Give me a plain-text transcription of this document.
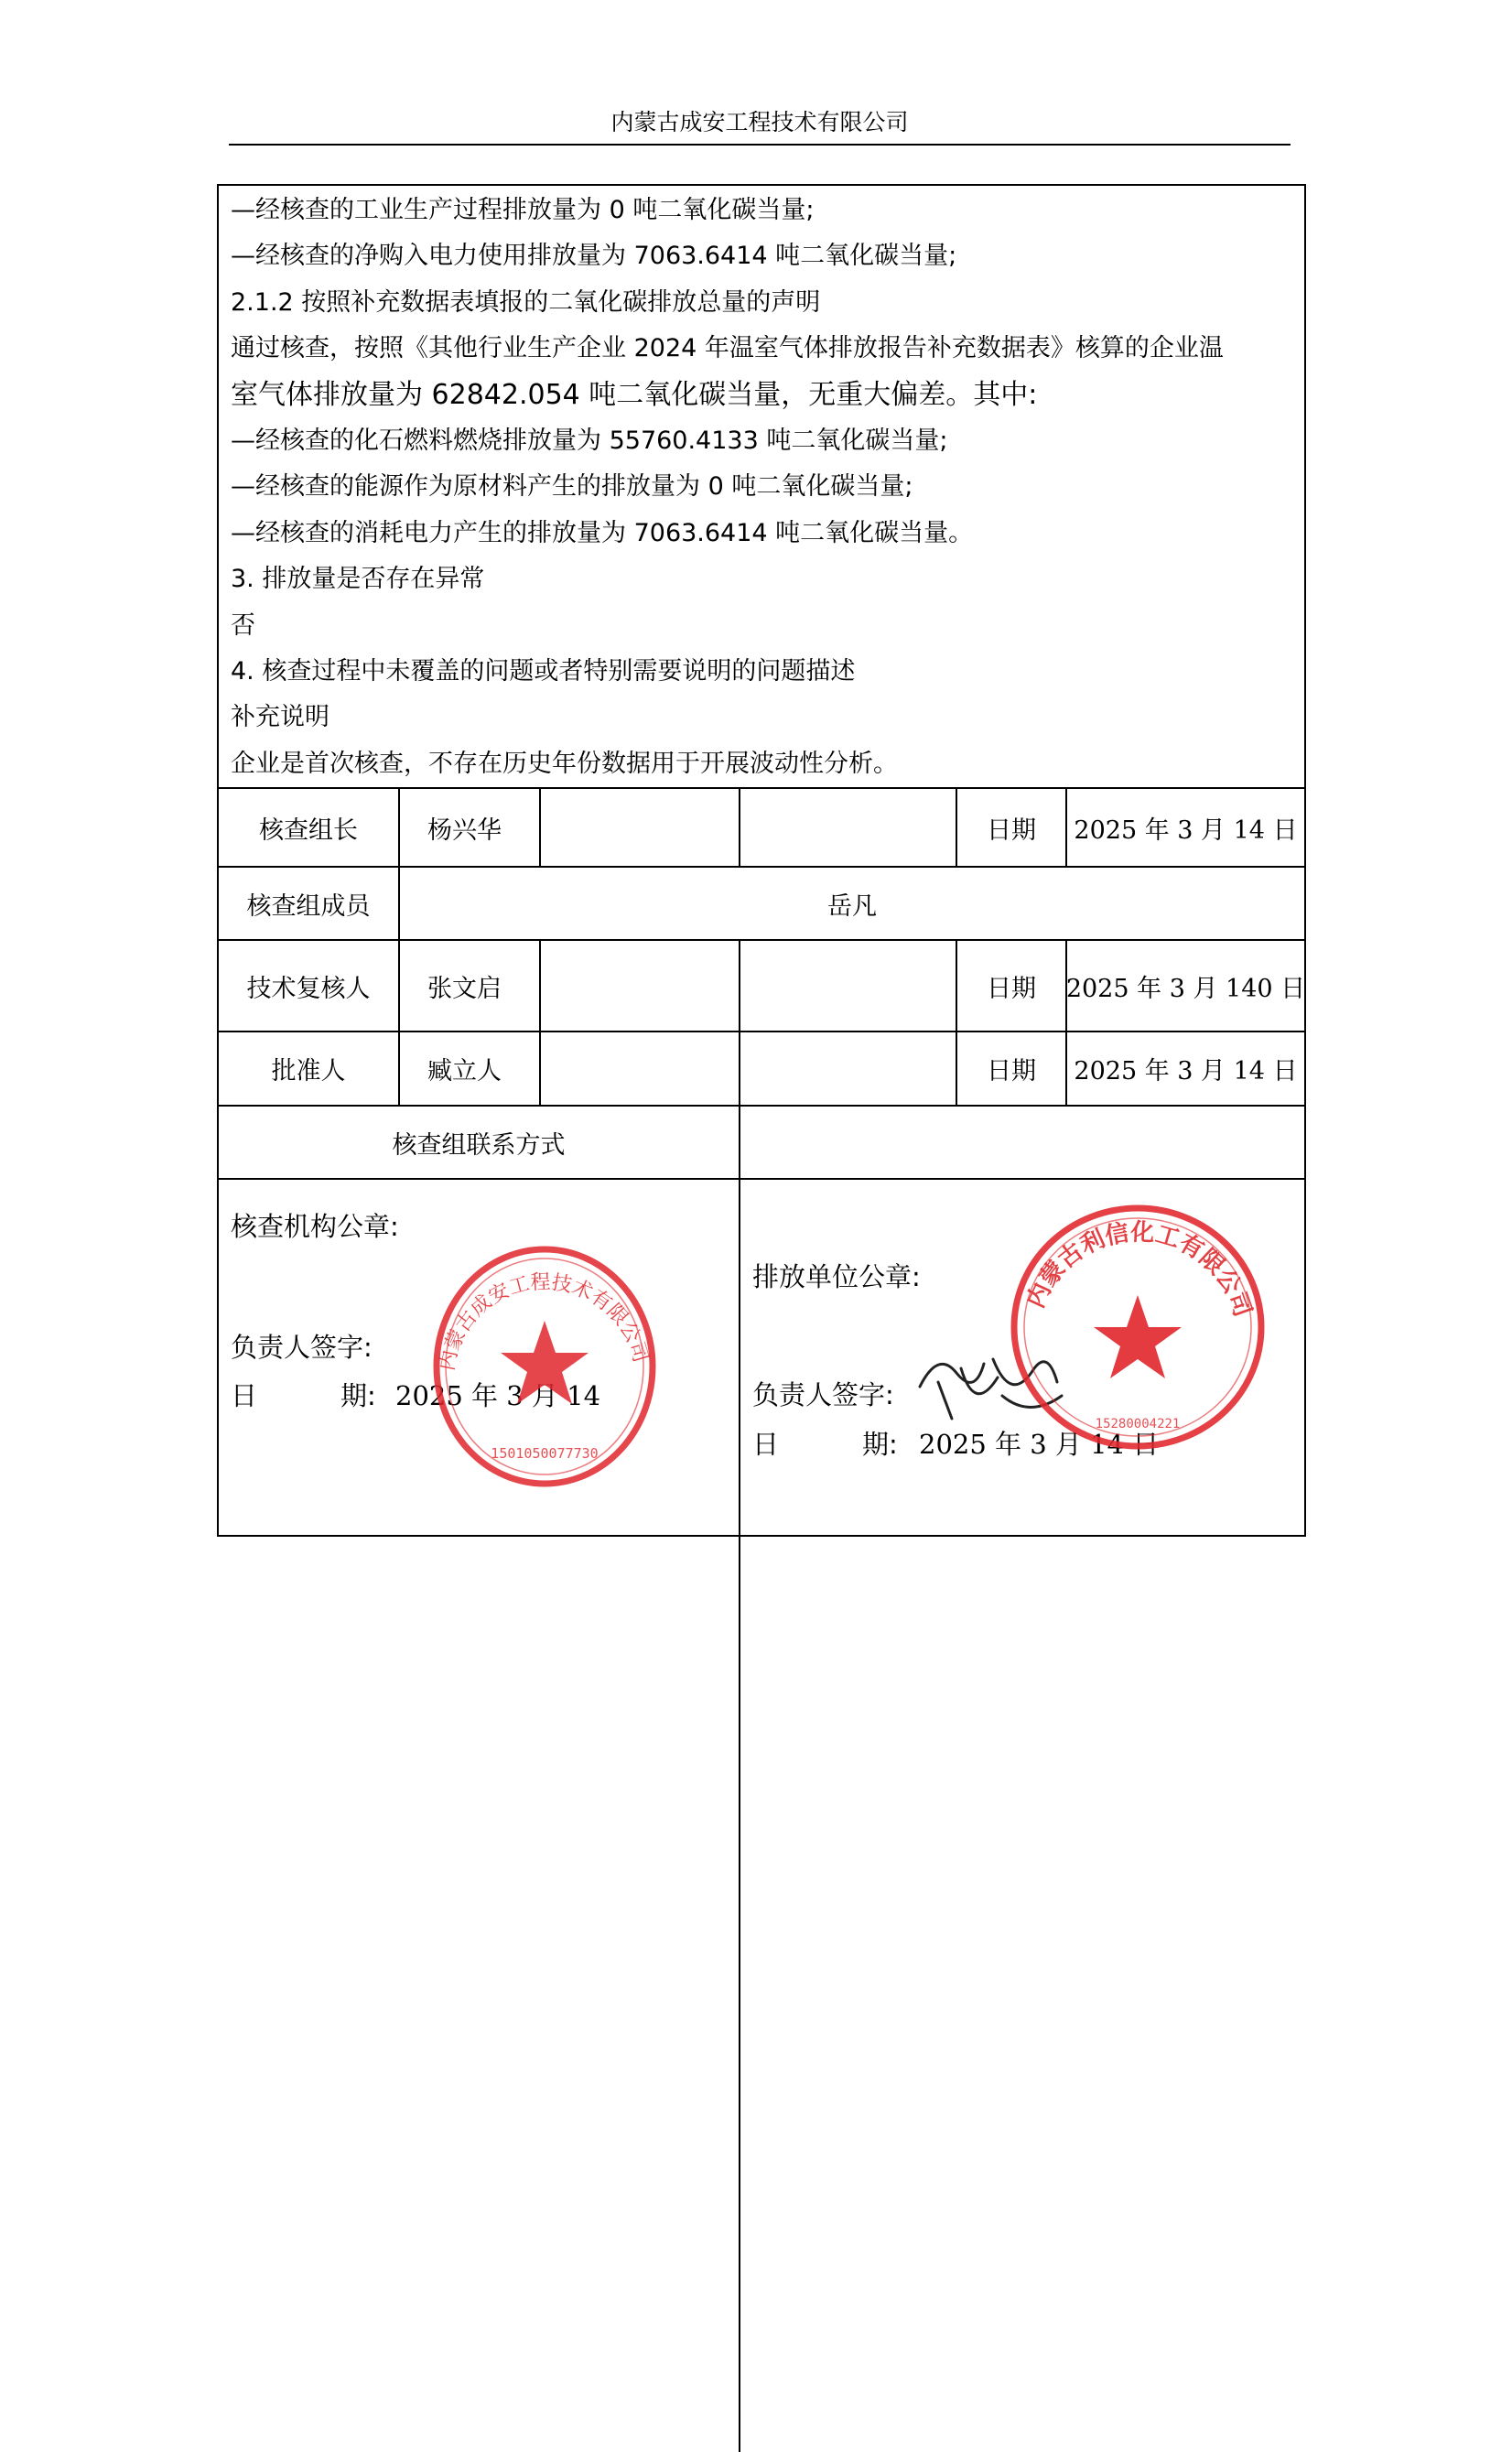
内蒙古成安工程技术有限公司
—经核查的工业生产过程排放量为 0 吨二氧化碳当量;
—经核查的净购入电力使用排放量为 7063.6414 吨二氧化碳当量;
2.1.2 按照补充数据表填报的二氧化碳排放总量的声明
通过核查，按照《其他行业生产企业 2024 年温室气体排放报告补充数据表》核算的企业温
室气体排放量为 62842.054 吨二氧化碳当量，无重大偏差。其中:
—经核查的化石燃料燃烧排放量为 55760.4133 吨二氧化碳当量;
—经核查的能源作为原材料产生的排放量为 0 吨二氧化碳当量;
—经核查的消耗电力产生的排放量为 7063.6414 吨二氧化碳当量。
3. 排放量是否存在异常
否
4. 核查过程中未覆盖的问题或者特别需要说明的问题描述
补充说明
企业是首次核查，不存在历史年份数据用于开展波动性分析。
核查组长	杨兴华	日期	2025 年 3 月 14 日
核查组成员	岳凡
技术复核人	张文启	日期	2025 年 3 月 140 日
批准人	臧立人	日期	2025 年 3 月 14 日
核查组联系方式
核查机构公章:
负责人签字:
日	期: 2025 年 3 月 14
内蒙古成安工程技术有限公司
1501050077730
排放单位公章:
负责人签字:
日	期: 2025 年 3 月 14 日
内蒙古利信化工有限公司
15280004221
